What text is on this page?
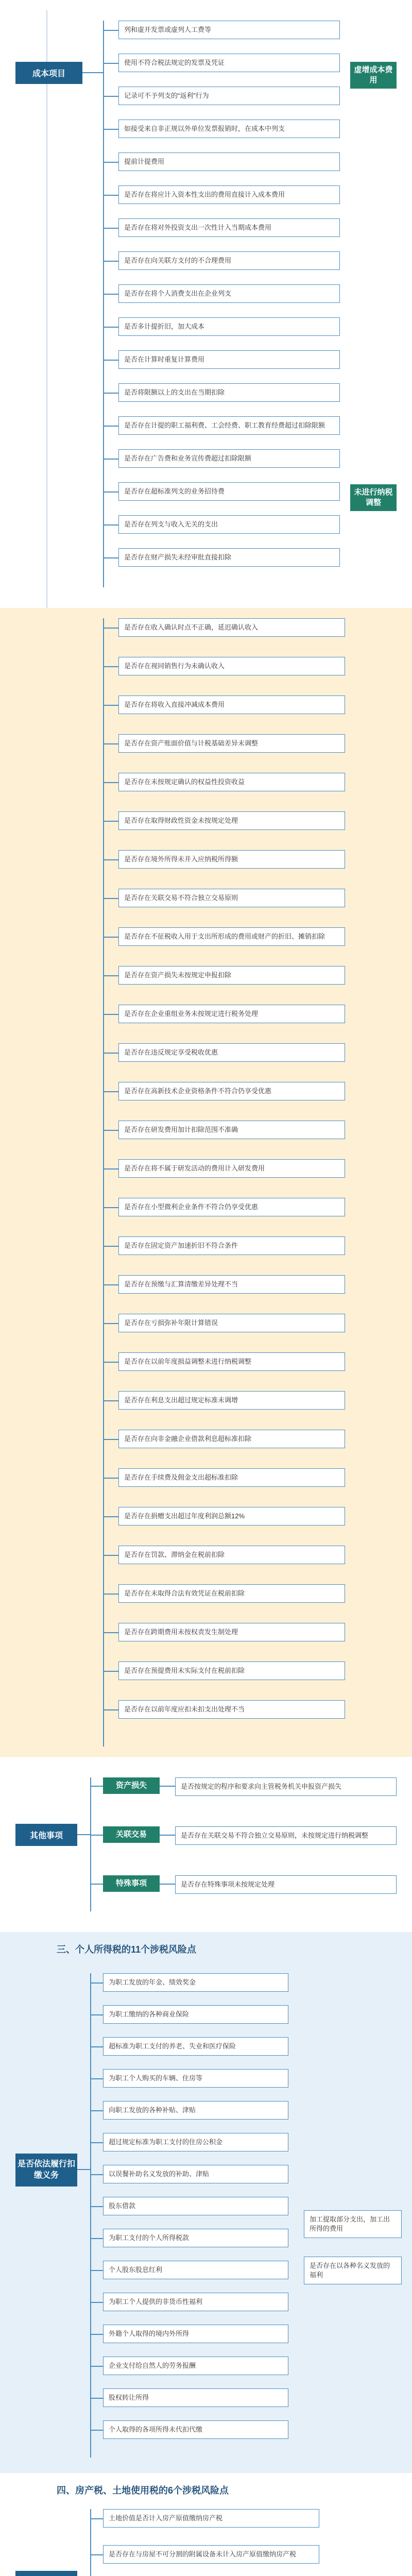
成本项目
列和虚开发票或虚列人工费等
使用不符合税法规定的发票及凭证
记录可不予列支的“返利”行为
如接受来自非正规以外单位发票报销时，在成本中列支
提前计提费用
是否存在将应计入资本性支出的费用直接计入成本费用
是否存在将对外投资支出一次性计入当期成本费用
是否存在向关联方支付的不合理费用
是否存在将个人消费支出在企业列支
是否多计提折旧，加大成本
是否在计算时重复计算费用
是否将限额以上的支出在当期扣除
是否存在计提的职工福利费、工会经费、职工教育经费超过扣除限额
是否存在广告费和业务宣传费超过扣除限额
是否存在超标准列支的业务招待费
是否存在列支与收入无关的支出
是否存在财产损失未经审批直接扣除
虚增成本费用
未进行纳税调整
是否存在收入确认时点不正确，延迟确认收入
是否存在视同销售行为未确认收入
是否存在将收入直接冲减成本费用
是否存在资产账面价值与计税基础差异未调整
是否存在未按规定确认的权益性投资收益
是否存在取得财政性资金未按规定处理
是否存在境外所得未并入应纳税所得额
是否存在关联交易不符合独立交易原则
是否存在不征税收入用于支出所形成的费用或财产的折旧、摊销扣除
是否存在资产损失未按规定申报扣除
是否存在企业重组业务未按规定进行税务处理
是否存在违反规定享受税收优惠
是否存在高新技术企业资格条件不符合仍享受优惠
是否存在研发费用加计扣除范围不准确
是否存在将不属于研发活动的费用计入研发费用
是否存在小型微利企业条件不符合仍享受优惠
是否存在固定资产加速折旧不符合条件
是否存在预缴与汇算清缴差异处理不当
是否存在亏损弥补年限计算错误
是否存在以前年度损益调整未进行纳税调整
是否存在利息支出超过规定标准未调增
是否存在向非金融企业借款利息超标准扣除
是否存在手续费及佣金支出超标准扣除
是否存在捐赠支出超过年度利润总额12%
是否存在罚款、滞纳金在税前扣除
是否存在未取得合法有效凭证在税前扣除
是否存在跨期费用未按权责发生制处理
是否存在预提费用未实际支付在税前扣除
是否存在以前年度应扣未扣支出处理不当
其他事项
资产损失	是否按规定的程序和要求向主管税务机关申报资产损失
关联交易	是否存在关联交易不符合独立交易原则，未按规定进行纳税调整
特殊事项	是否存在特殊事项未按规定处理
三、个人所得税的11个涉税风险点
是否依法履行扣缴义务
为职工发放的年金、绩效奖金
为职工缴纳的各种商业保险
超标准为职工支付的养老、失业和医疗保险
为职工个人购买的车辆、住房等
向职工发放的各种补贴、津贴
超过规定标准为职工支付的住房公积金
以误餐补助名义发放的补助、津贴
股东借款
为职工支付的个人所得税款
个人股东股息红利
为职工个人提供的非货币性福利
外籍个人取得的境内外所得
企业支付给自然人的劳务报酬
股权转让所得
个人取得的各项所得未代扣代缴
加工提取部分支出，加工出所得的费用
是否存在以各种名义发放的福利
四、房产税、土地使用税的6个涉税风险点
土地价值是否计入房产原值缴纳房产税
是否存在与房屋不可分割的附属设备未计入房产原值缴纳房产税
